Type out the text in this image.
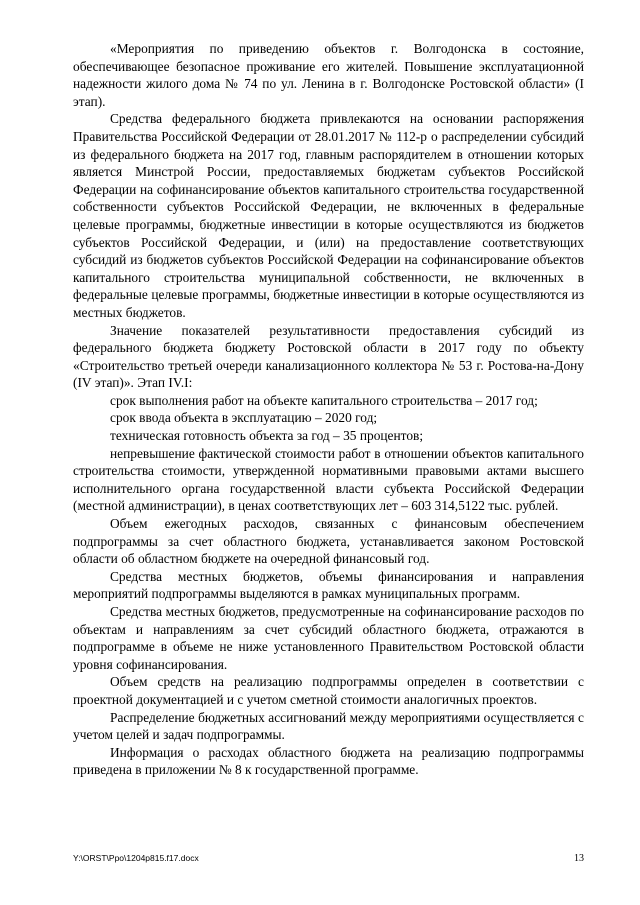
«Мероприятия по приведению объектов г. Волгодонска в состояние, обеспечивающее безопасное проживание его жителей. Повышение эксплуатационной надежности жилого дома № 74 по ул. Ленина в г. Волгодонске Ростовской области» (I этап).

Средства федерального бюджета привлекаются на основании распоряжения Правительства Российской Федерации от 28.01.2017 № 112-р о распределении субсидий из федерального бюджета на 2017 год, главным распорядителем в отношении которых является Минстрой России, предоставляемых бюджетам субъектов Российской Федерации на софинансирование объектов капитального строительства государственной собственности субъектов Российской Федерации, не включенных в федеральные целевые программы, бюджетные инвестиции в которые осуществляются из бюджетов субъектов Российской Федерации, и (или) на предоставление соответствующих субсидий из бюджетов субъектов Российской Федерации на софинансирование объектов капитального строительства муниципальной собственности, не включенных в федеральные целевые программы, бюджетные инвестиции в которые осуществляются из местных бюджетов.

Значение показателей результативности предоставления субсидий из федерального бюджета бюджету Ростовской области в 2017 году по объекту «Строительство третьей очереди канализационного коллектора № 53 г. Ростова-на-Дону (IV этап)». Этап IV.I:

срок выполнения работ на объекте капитального строительства – 2017 год;

срок ввода объекта в эксплуатацию – 2020 год;

техническая готовность объекта за год – 35 процентов;

непревышение фактической стоимости работ в отношении объектов капитального строительства стоимости, утвержденной нормативными правовыми актами высшего исполнительного органа государственной власти субъекта Российской Федерации (местной администрации), в ценах соответствующих лет – 603 314,5122 тыс. рублей.

Объем ежегодных расходов, связанных с финансовым обеспечением подпрограммы за счет областного бюджета, устанавливается законом Ростовской области об областном бюджете на очередной финансовый год.

Средства местных бюджетов, объемы финансирования и направления мероприятий подпрограммы выделяются в рамках муниципальных программ.

Средства местных бюджетов, предусмотренные на софинансирование расходов по объектам и направлениям за счет субсидий областного бюджета, отражаются в подпрограмме в объеме не ниже установленного Правительством Ростовской области уровня софинансирования.

Объем средств на реализацию подпрограммы определен в соответствии с проектной документацией и с учетом сметной стоимости аналогичных проектов.

Распределение бюджетных ассигнований между мероприятиями осуществляется с учетом целей и задач подпрограммы.

Информация о расходах областного бюджета на реализацию подпрограммы приведена в приложении № 8 к государственной программе.

Y:\ORST\Ppo\1204p815.f17.docx	13
